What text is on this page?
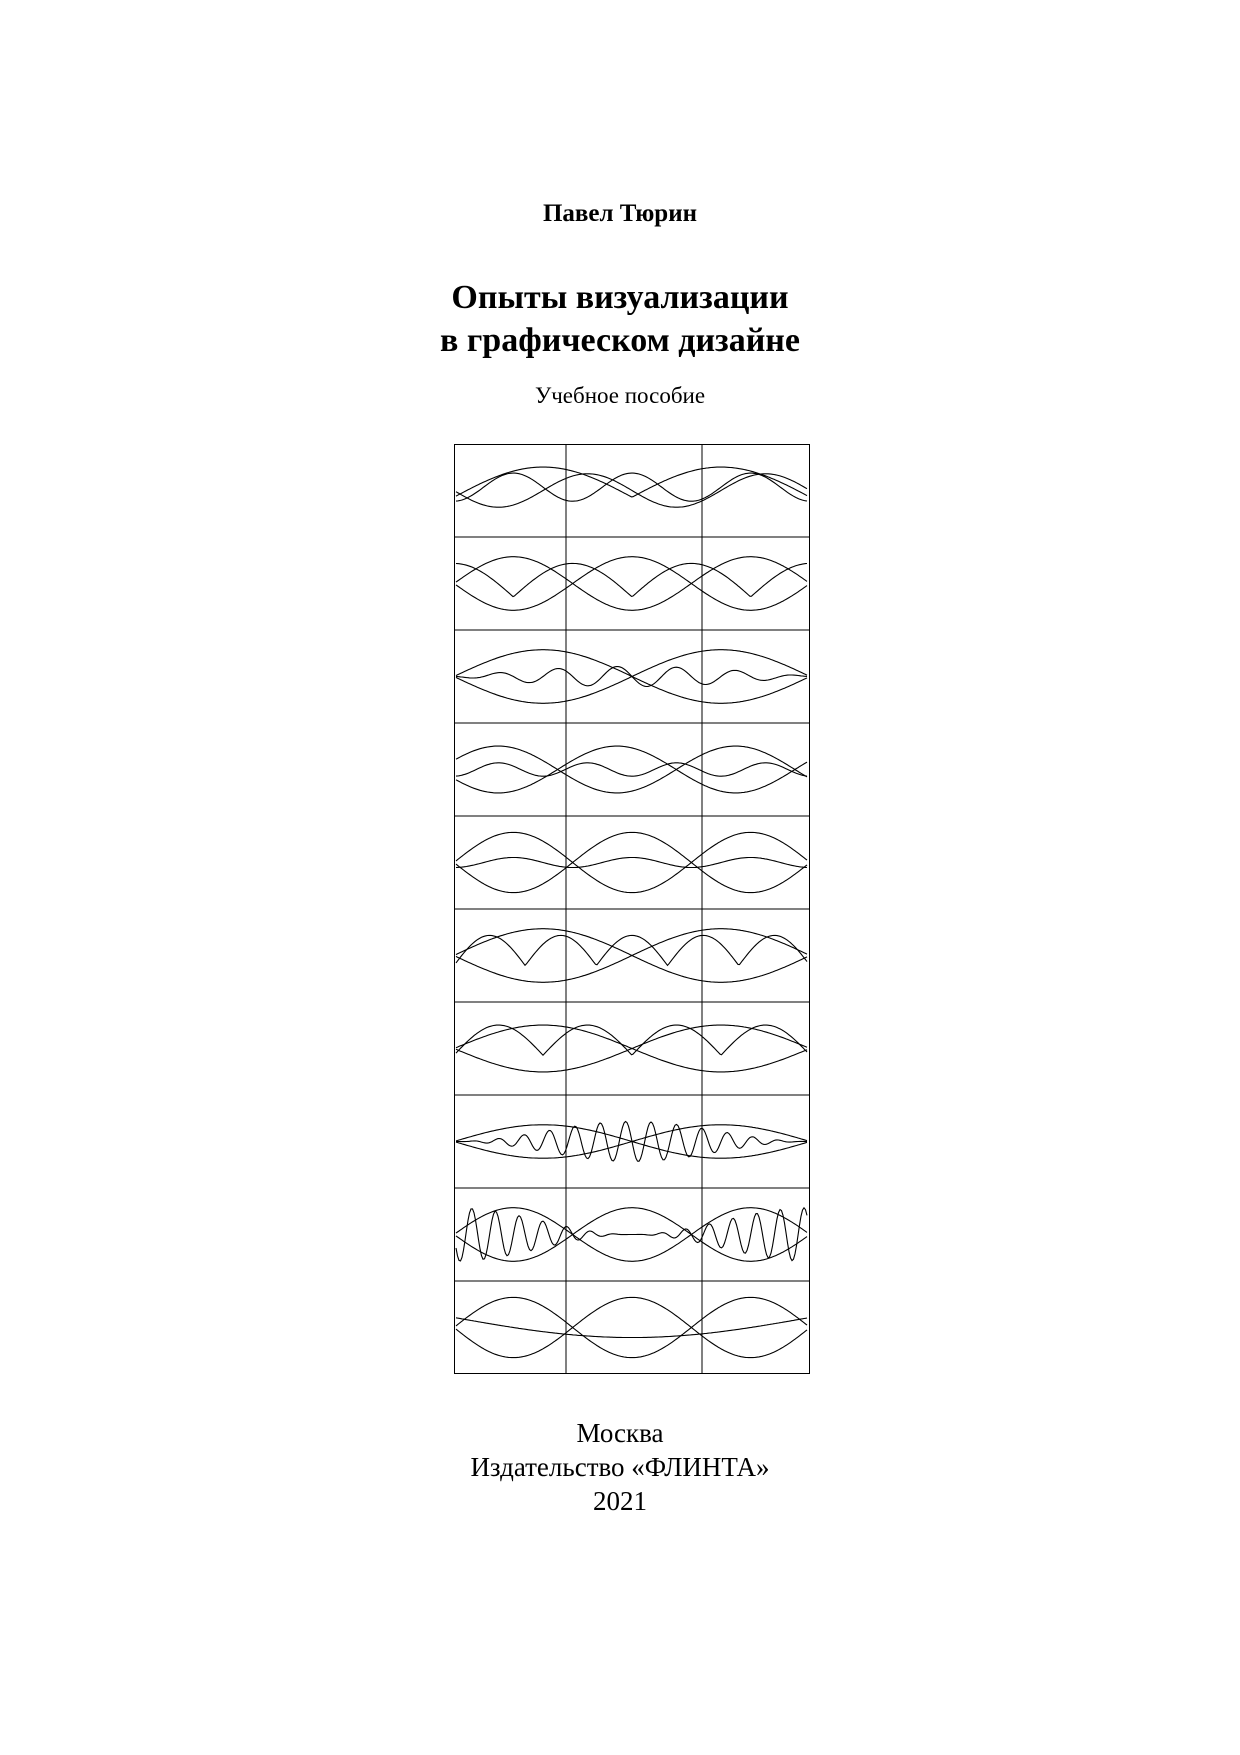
Павел Тюрин
Опыты визуализации
в графическом дизайне
Учебное пособие
Москва
Издательство «ФЛИНТА»
2021
